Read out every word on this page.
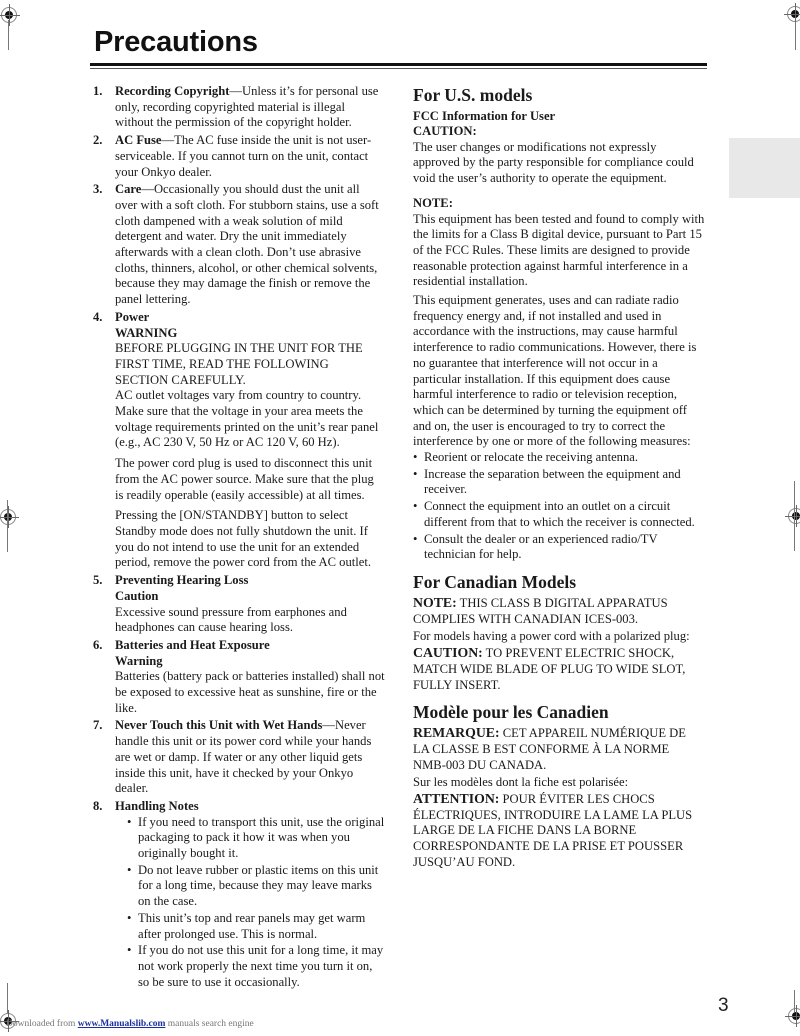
Precautions
1. Recording Copyright—Unless it’s for personal use only, recording copyrighted material is illegal without the permission of the copyright holder.
2. AC Fuse—The AC fuse inside the unit is not user-serviceable. If you cannot turn on the unit, contact your Onkyo dealer.
3. Care—Occasionally you should dust the unit all over with a soft cloth. For stubborn stains, use a soft cloth dampened with a weak solution of mild detergent and water. Dry the unit immediately afterwards with a clean cloth. Don’t use abrasive cloths, thinners, alcohol, or other chemical solvents, because they may damage the finish or remove the panel lettering.
4. Power
WARNING
BEFORE PLUGGING IN THE UNIT FOR THE FIRST TIME, READ THE FOLLOWING SECTION CAREFULLY.

AC outlet voltages vary from country to country. Make sure that the voltage in your area meets the voltage requirements printed on the unit’s rear panel (e.g., AC 230 V, 50 Hz or AC 120 V, 60 Hz).

The power cord plug is used to disconnect this unit from the AC power source. Make sure that the plug is readily operable (easily accessible) at all times.

Pressing the [ON/STANDBY] button to select Standby mode does not fully shutdown the unit. If you do not intend to use the unit for an extended period, remove the power cord from the AC outlet.

5. Preventing Hearing Loss
Caution
Excessive sound pressure from earphones and headphones can cause hearing loss.
6. Batteries and Heat Exposure
Warning
Batteries (battery pack or batteries installed) shall not be exposed to excessive heat as sunshine, fire or the like.
7. Never Touch this Unit with Wet Hands—Never handle this unit or its power cord while your hands are wet or damp. If water or any other liquid gets inside this unit, have it checked by your Onkyo dealer.
8. Handling Notes
• If you need to transport this unit, use the original packaging to pack it how it was when you originally bought it.
• Do not leave rubber or plastic items on this unit for a long time, because they may leave marks on the case.
• This unit’s top and rear panels may get warm after prolonged use. This is normal.
• If you do not use this unit for a long time, it may not work properly the next time you turn it on, so be sure to use it occasionally.
For U.S. models
FCC Information for User
CAUTION:

The user changes or modifications not expressly approved by the party responsible for compliance could void the user’s authority to operate the equipment.

NOTE:

This equipment has been tested and found to comply with the limits for a Class B digital device, pursuant to Part 15 of the FCC Rules. These limits are designed to provide reasonable protection against harmful interference in a residential installation.

This equipment generates, uses and can radiate radio frequency energy and, if not installed and used in accordance with the instructions, may cause harmful interference to radio communications. However, there is no guarantee that interference will not occur in a particular installation. If this equipment does cause harmful interference to radio or television reception, which can be determined by turning the equipment off and on, the user is encouraged to try to correct the interference by one or more of the following measures:

• Reorient or relocate the receiving antenna.
• Increase the separation between the equipment and receiver.
• Connect the equipment into an outlet on a circuit different from that to which the receiver is connected.
• Consult the dealer or an experienced radio/TV technician for help.
For Canadian Models
NOTE: THIS CLASS B DIGITAL APPARATUS COMPLIES WITH CANADIAN ICES-003.
For models having a power cord with a polarized plug:
CAUTION: TO PREVENT ELECTRIC SHOCK, MATCH WIDE BLADE OF PLUG TO WIDE SLOT, FULLY INSERT.
Modèle pour les Canadien
REMARQUE: CET APPAREIL NUMÉRIQUE DE LA CLASSE B EST CONFORME À LA NORME NMB-003 DU CANADA.
Sur les modèles dont la fiche est polarisée:
ATTENTION: POUR ÉVITER LES CHOCS ÉLECTRIQUES, INTRODUIRE LA LAME LA PLUS LARGE DE LA FICHE DANS LA BORNE CORRESPONDANTE DE LA PRISE ET POUSSER JUSQU’AU FOND.
3
Downloaded from www.Manualslib.com manuals search engine
